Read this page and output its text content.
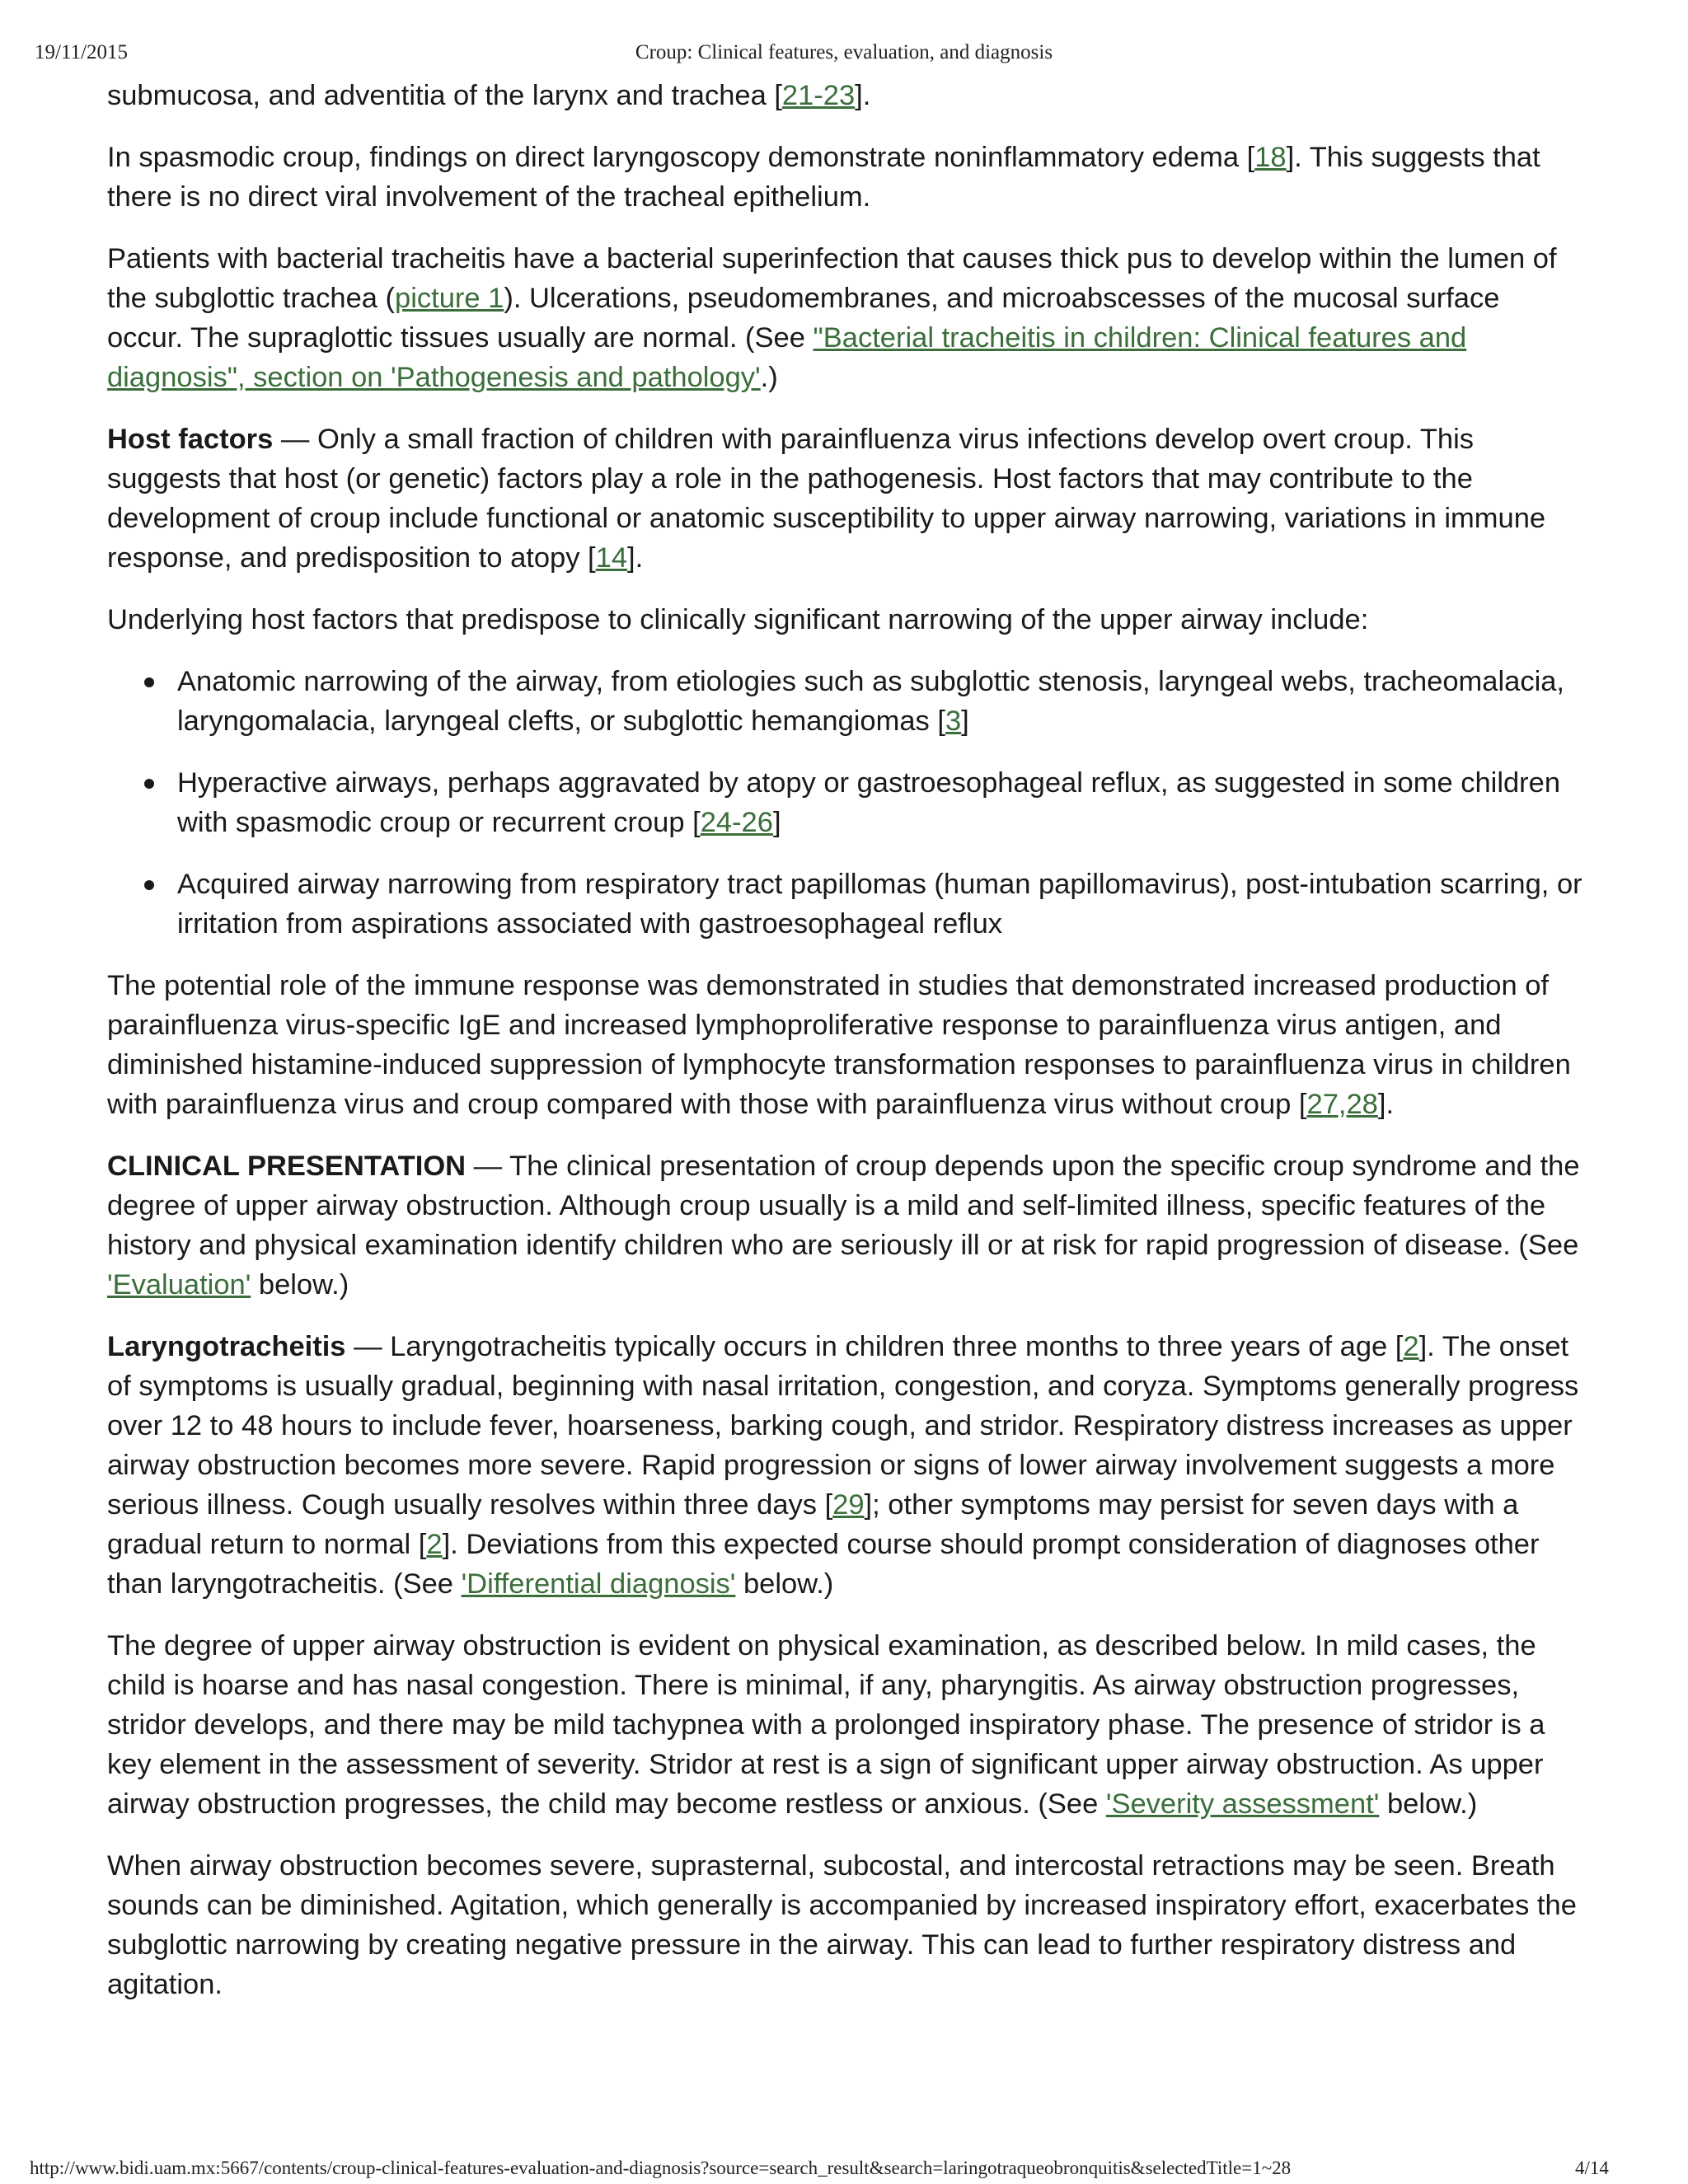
19/11/2015	Croup: Clinical features, evaluation, and diagnosis

submucosa, and adventitia of the larynx and trachea [21-23].

In spasmodic croup, findings on direct laryngoscopy demonstrate noninflammatory edema [18]. This suggests that there is no direct viral involvement of the tracheal epithelium.

Patients with bacterial tracheitis have a bacterial superinfection that causes thick pus to develop within the lumen of the subglottic trachea (picture 1). Ulcerations, pseudomembranes, and microabscesses of the mucosal surface occur. The supraglottic tissues usually are normal. (See "Bacterial tracheitis in children: Clinical features and diagnosis", section on 'Pathogenesis and pathology'.)

Host factors — Only a small fraction of children with parainfluenza virus infections develop overt croup. This suggests that host (or genetic) factors play a role in the pathogenesis. Host factors that may contribute to the development of croup include functional or anatomic susceptibility to upper airway narrowing, variations in immune response, and predisposition to atopy [14].

Underlying host factors that predispose to clinically significant narrowing of the upper airway include:

Anatomic narrowing of the airway, from etiologies such as subglottic stenosis, laryngeal webs, tracheomalacia, laryngomalacia, laryngeal clefts, or subglottic hemangiomas [3]
Hyperactive airways, perhaps aggravated by atopy or gastroesophageal reflux, as suggested in some children with spasmodic croup or recurrent croup [24-26]
Acquired airway narrowing from respiratory tract papillomas (human papillomavirus), post-intubation scarring, or irritation from aspirations associated with gastroesophageal reflux

The potential role of the immune response was demonstrated in studies that demonstrated increased production of parainfluenza virus-specific IgE and increased lymphoproliferative response to parainfluenza virus antigen, and diminished histamine-induced suppression of lymphocyte transformation responses to parainfluenza virus in children with parainfluenza virus and croup compared with those with parainfluenza virus without croup [27,28].

CLINICAL PRESENTATION — The clinical presentation of croup depends upon the specific croup syndrome and the degree of upper airway obstruction. Although croup usually is a mild and self-limited illness, specific features of the history and physical examination identify children who are seriously ill or at risk for rapid progression of disease. (See 'Evaluation' below.)

Laryngotracheitis — Laryngotracheitis typically occurs in children three months to three years of age [2]. The onset of symptoms is usually gradual, beginning with nasal irritation, congestion, and coryza. Symptoms generally progress over 12 to 48 hours to include fever, hoarseness, barking cough, and stridor. Respiratory distress increases as upper airway obstruction becomes more severe. Rapid progression or signs of lower airway involvement suggests a more serious illness. Cough usually resolves within three days [29]; other symptoms may persist for seven days with a gradual return to normal [2]. Deviations from this expected course should prompt consideration of diagnoses other than laryngotracheitis. (See 'Differential diagnosis' below.)

The degree of upper airway obstruction is evident on physical examination, as described below. In mild cases, the child is hoarse and has nasal congestion. There is minimal, if any, pharyngitis. As airway obstruction progresses, stridor develops, and there may be mild tachypnea with a prolonged inspiratory phase. The presence of stridor is a key element in the assessment of severity. Stridor at rest is a sign of significant upper airway obstruction. As upper airway obstruction progresses, the child may become restless or anxious. (See 'Severity assessment' below.)

When airway obstruction becomes severe, suprasternal, subcostal, and intercostal retractions may be seen. Breath sounds can be diminished. Agitation, which generally is accompanied by increased inspiratory effort, exacerbates the subglottic narrowing by creating negative pressure in the airway. This can lead to further respiratory distress and agitation.

http://www.bidi.uam.mx:5667/contents/croup-clinical-features-evaluation-and-diagnosis?source=search_result&search=laringotraqueobronquitis&selectedTitle=1~28	4/14
